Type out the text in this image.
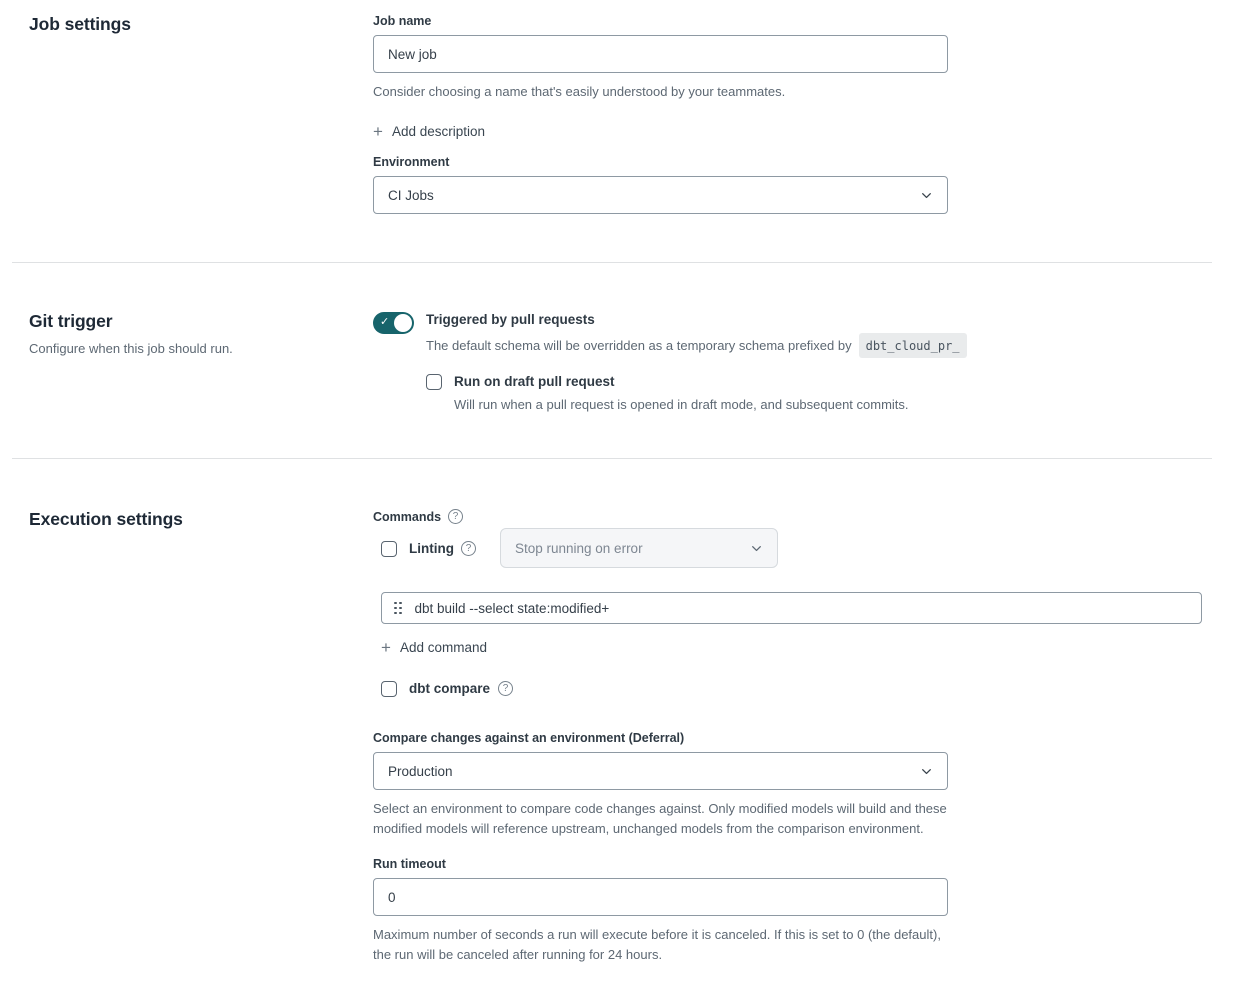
Job settings	Job name
New job
Consider choosing a name that's easily understood by your teammates.
+ Add description
Environment
CI Jobs
Git trigger
Configure when this job should run.
✓	Triggered by pull requests
The default schema will be overridden as a temporary schema prefixed by	dbt_cloud_pr_
Run on draft pull request
Will run when a pull request is opened in draft mode, and subsequent commits.
Execution settings	Commands	?
Linting	?	Stop running on error
dbt build --select state:modified+
+ Add command
dbt compare	?
Compare changes against an environment (Deferral)
Production
Select an environment to compare code changes against. Only modified models will build and these modified models will reference upstream, unchanged models from the comparison environment.
Run timeout
0
Maximum number of seconds a run will execute before it is canceled. If this is set to 0 (the default), the run will be canceled after running for 24 hours.
